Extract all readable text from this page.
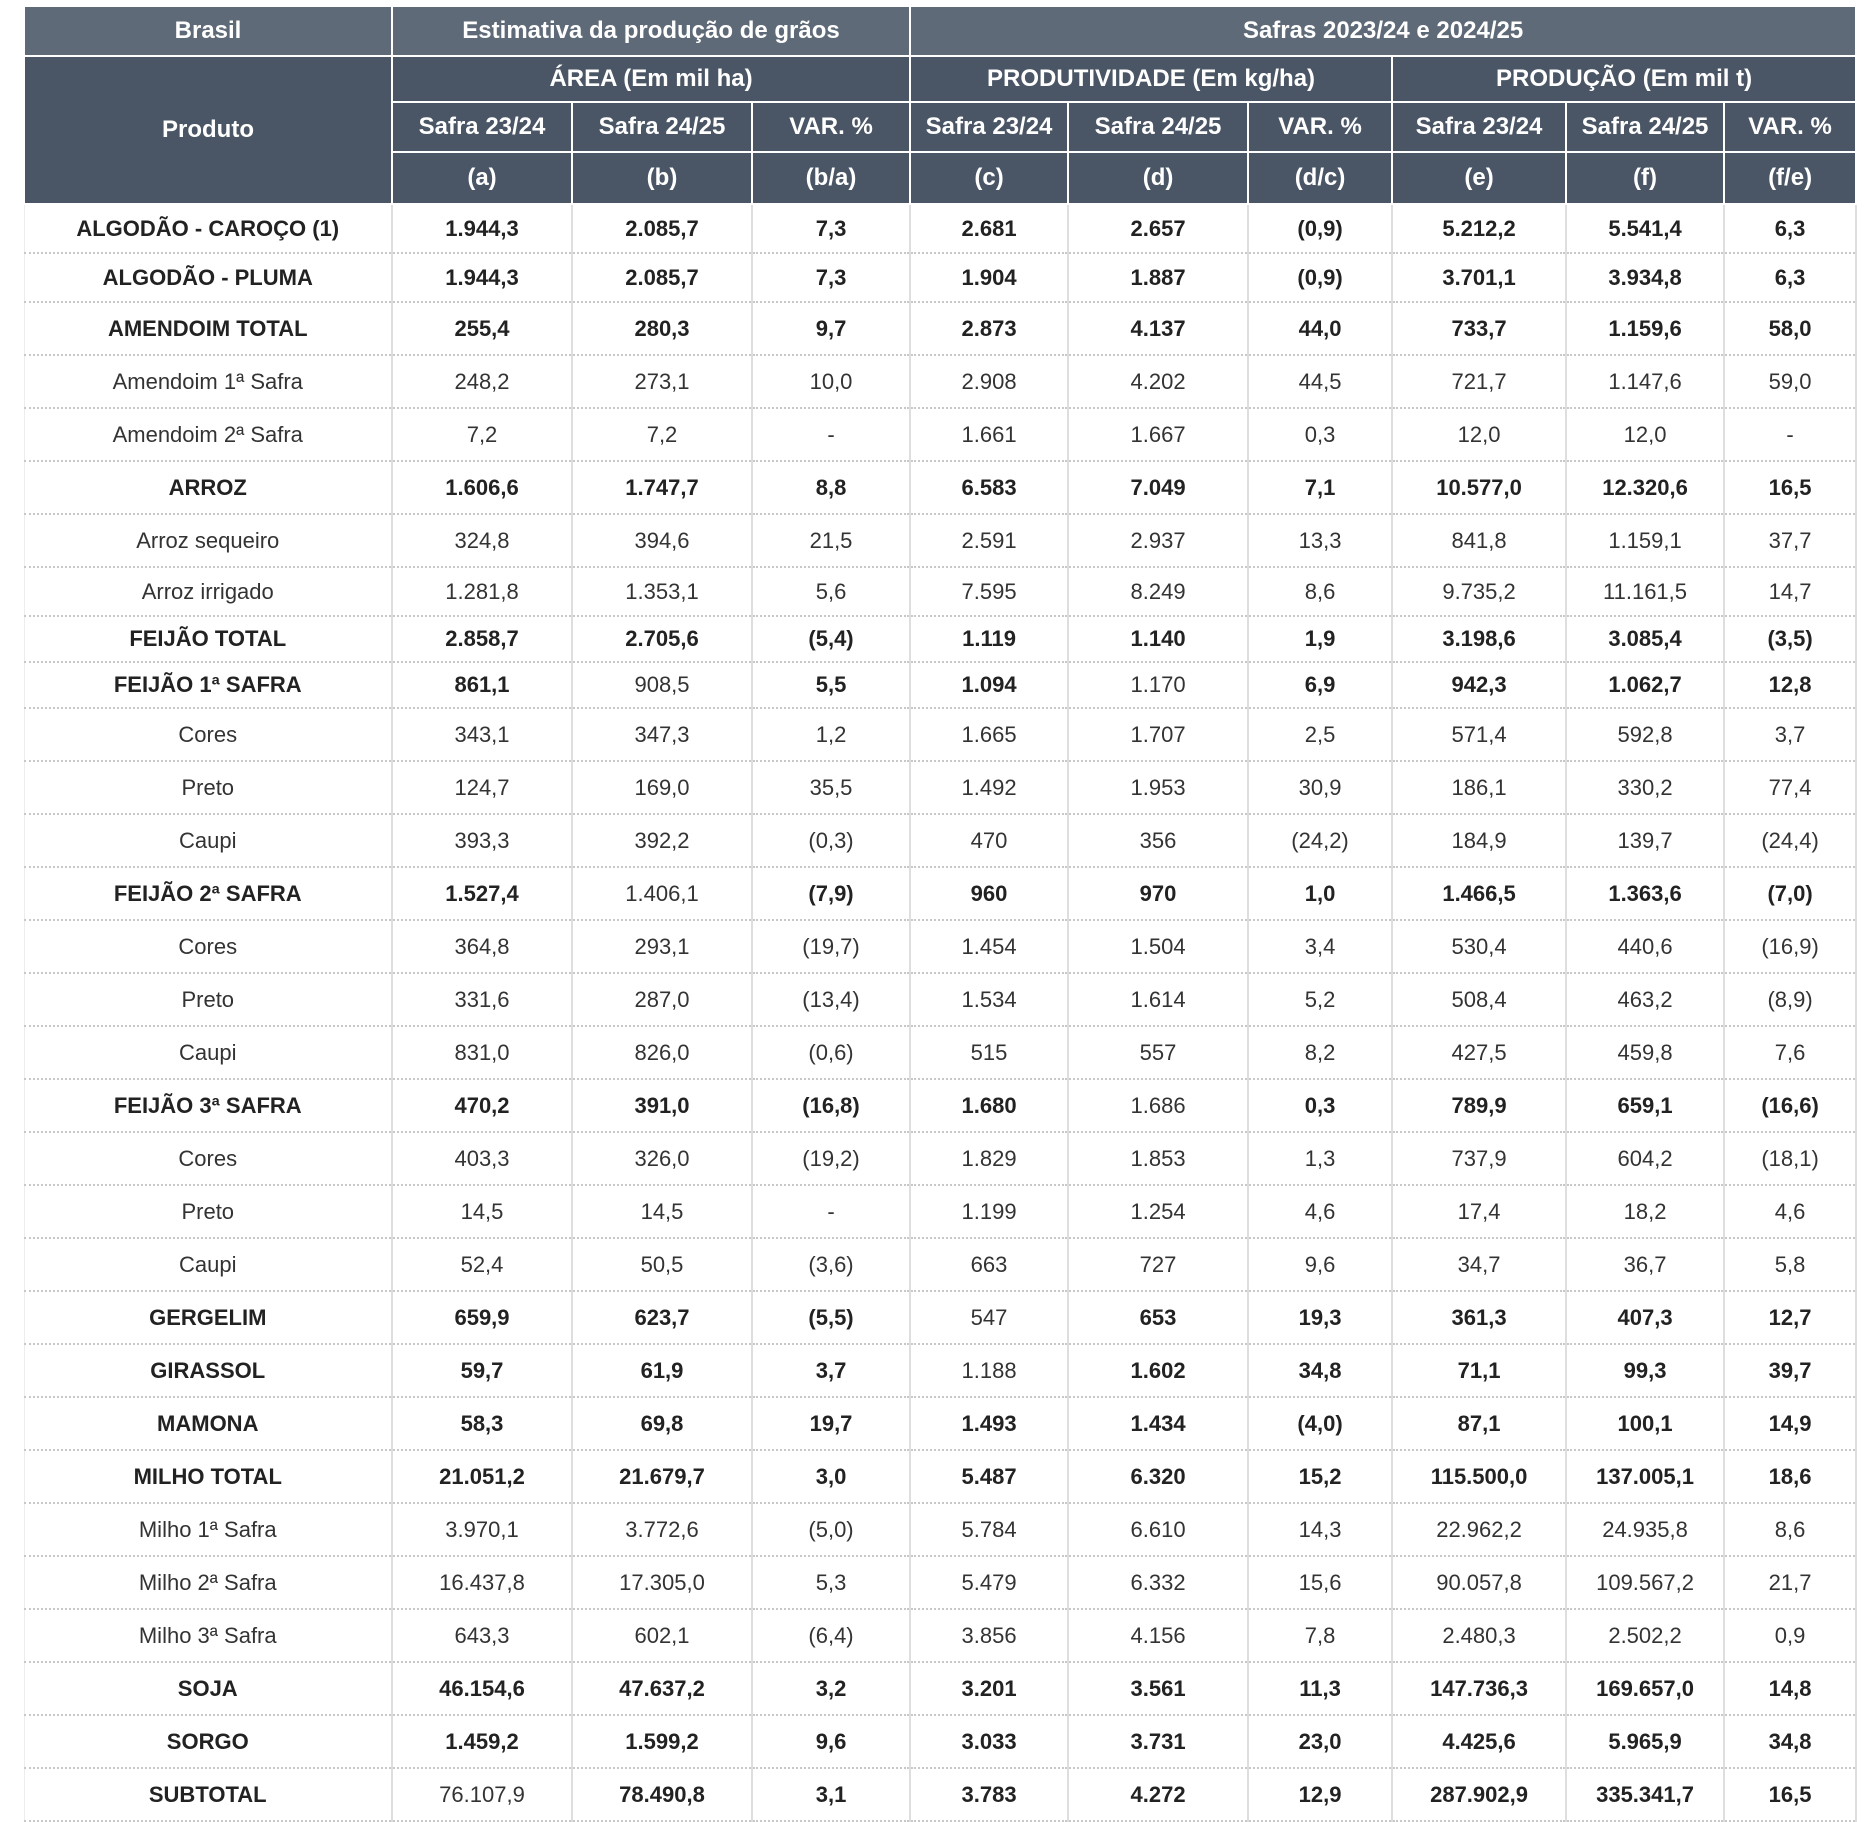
Brasil	Estimativa da produção de grãos			Safras 2023/24 e 2024/25					
Produto	ÁREA (Em mil ha)			PRODUTIVIDADE (Em kg/ha)			PRODUÇÃO (Em mil t)		
	Safra 23/24	Safra 24/25	VAR. %	Safra 23/24	Safra 24/25	VAR. %	Safra 23/24	Safra 24/25	VAR. %
	(a)	(b)	(b/a)	(c)	(d)	(d/c)	(e)	(f)	(f/e)
ALGODÃO - CAROÇO (1)	1.944,3	2.085,7	7,3	2.681	2.657	(0,9)	5.212,2	5.541,4	6,3
ALGODÃO - PLUMA	1.944,3	2.085,7	7,3	1.904	1.887	(0,9)	3.701,1	3.934,8	6,3
AMENDOIM TOTAL	255,4	280,3	9,7	2.873	4.137	44,0	733,7	1.159,6	58,0
Amendoim 1ª Safra	248,2	273,1	10,0	2.908	4.202	44,5	721,7	1.147,6	59,0
Amendoim 2ª Safra	7,2	7,2	-	1.661	1.667	0,3	12,0	12,0	-
ARROZ	1.606,6	1.747,7	8,8	6.583	7.049	7,1	10.577,0	12.320,6	16,5
Arroz sequeiro	324,8	394,6	21,5	2.591	2.937	13,3	841,8	1.159,1	37,7
Arroz irrigado	1.281,8	1.353,1	5,6	7.595	8.249	8,6	9.735,2	11.161,5	14,7
FEIJÃO TOTAL	2.858,7	2.705,6	(5,4)	1.119	1.140	1,9	3.198,6	3.085,4	(3,5)
FEIJÃO 1ª SAFRA	861,1	908,5	5,5	1.094	1.170	6,9	942,3	1.062,7	12,8
Cores	343,1	347,3	1,2	1.665	1.707	2,5	571,4	592,8	3,7
Preto	124,7	169,0	35,5	1.492	1.953	30,9	186,1	330,2	77,4
Caupi	393,3	392,2	(0,3)	470	356	(24,2)	184,9	139,7	(24,4)
FEIJÃO 2ª SAFRA	1.527,4	1.406,1	(7,9)	960	970	1,0	1.466,5	1.363,6	(7,0)
Cores	364,8	293,1	(19,7)	1.454	1.504	3,4	530,4	440,6	(16,9)
Preto	331,6	287,0	(13,4)	1.534	1.614	5,2	508,4	463,2	(8,9)
Caupi	831,0	826,0	(0,6)	515	557	8,2	427,5	459,8	7,6
FEIJÃO 3ª SAFRA	470,2	391,0	(16,8)	1.680	1.686	0,3	789,9	659,1	(16,6)
Cores	403,3	326,0	(19,2)	1.829	1.853	1,3	737,9	604,2	(18,1)
Preto	14,5	14,5	-	1.199	1.254	4,6	17,4	18,2	4,6
Caupi	52,4	50,5	(3,6)	663	727	9,6	34,7	36,7	5,8
GERGELIM	659,9	623,7	(5,5)	547	653	19,3	361,3	407,3	12,7
GIRASSOL	59,7	61,9	3,7	1.188	1.602	34,8	71,1	99,3	39,7
MAMONA	58,3	69,8	19,7	1.493	1.434	(4,0)	87,1	100,1	14,9
MILHO TOTAL	21.051,2	21.679,7	3,0	5.487	6.320	15,2	115.500,0	137.005,1	18,6
Milho 1ª Safra	3.970,1	3.772,6	(5,0)	5.784	6.610	14,3	22.962,2	24.935,8	8,6
Milho 2ª Safra	16.437,8	17.305,0	5,3	5.479	6.332	15,6	90.057,8	109.567,2	21,7
Milho 3ª Safra	643,3	602,1	(6,4)	3.856	4.156	7,8	2.480,3	2.502,2	0,9
SOJA	46.154,6	47.637,2	3,2	3.201	3.561	11,3	147.736,3	169.657,0	14,8
SORGO	1.459,2	1.599,2	9,6	3.033	3.731	23,0	4.425,6	5.965,9	34,8
SUBTOTAL	76.107,9	78.490,8	3,1	3.783	4.272	12,9	287.902,9	335.341,7	16,5
